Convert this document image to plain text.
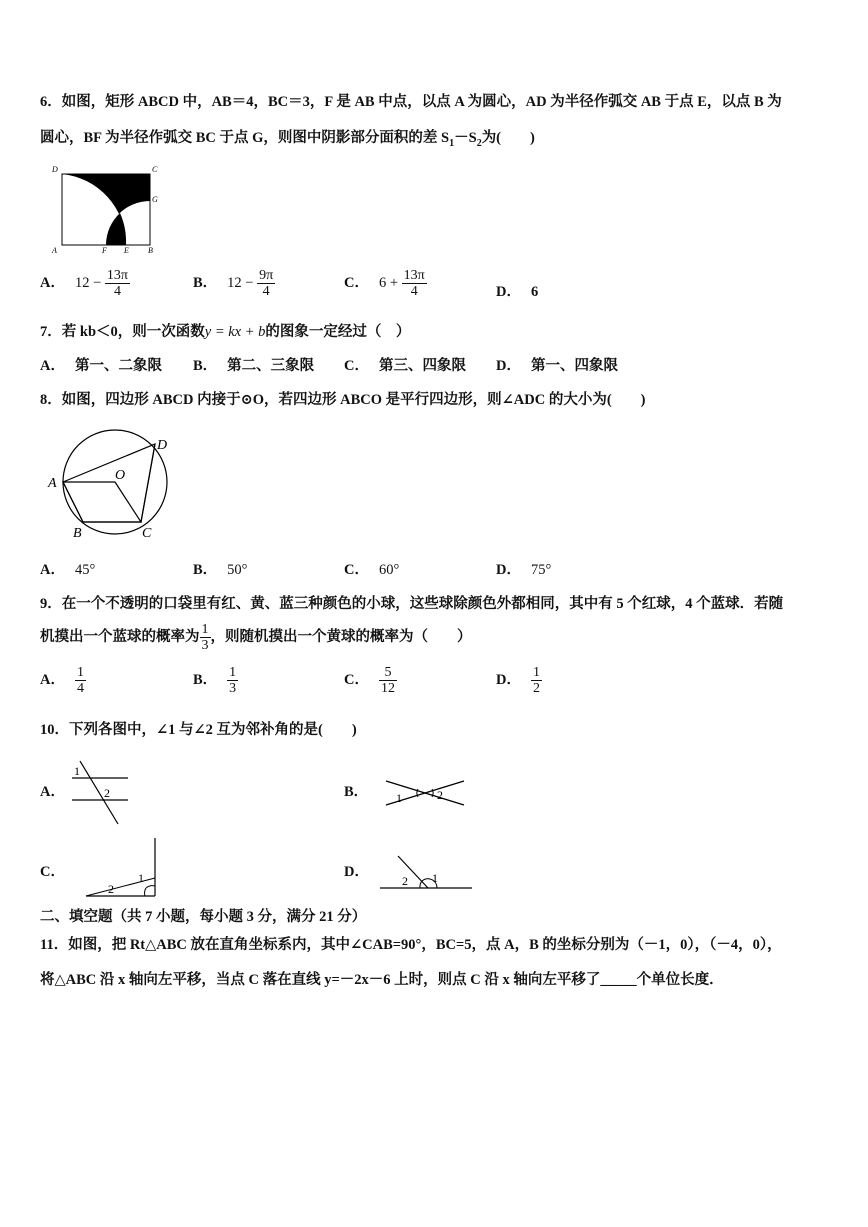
6．如图，矩形 ABCD 中，AB＝4，BC＝3，F 是 AB 中点，以点 A 为圆心，AD 为半径作弧交 AB 于点 E，以点 B 为
圆心，BF 为半径作弧交 BC 于点 G，则图中阴影部分面积的差 $S_1-S_2$为(　　)
D	C
G
A	F E B
A． $12 - \frac{13\pi}{4}$	B． $12 - \frac{9\pi}{4}$	C． $6 + \frac{13\pi}{4}$	D． 6
7．若 kb＜0，则一次函数y = kx + b的图象一定经过（　）
A． 第一、二象限 B． 第二、三象限 C． 第三、四象限 D． 第一、四象限
8．如图，四边形 ABCD 内接于⊙O，若四边形 ABCO 是平行四边形，则∠ADC 的大小为(　　)
A
B	C
D
O
A． 45°	B． 50°	C． 60°	D． 75°
9．在一个不透明的口袋里有红、黄、蓝三种颜色的小球，这些球除颜色外都相同，其中有 5 个红球，4 个蓝球．若随
机摸出一个蓝球的概率为 $\frac{1}{3}$ ，则随机摸出一个黄球的概率为（　　）
A． $\frac{1}{4}$	B． $\frac{1}{3}$	C． $\frac{5}{12}$	D． $\frac{1}{2}$
10．下列各图中，∠1 与∠2 互为邻补角的是(　　)
A．
1
2	B．	1	2
C．	1
2
D．	1
2
二、填空题（共 7 小题，每小题 3 分，满分 21 分）
11．如图，把 Rt△ABC 放在直角坐标系内，其中∠CAB=90°，BC=5，点 A，B 的坐标分别为（－1，0），（－4，0），
将△ABC 沿 x 轴向左平移，当点 C 落在直线 y=－2x－6 上时，则点 C 沿 x 轴向左平移了_____个单位长度．
